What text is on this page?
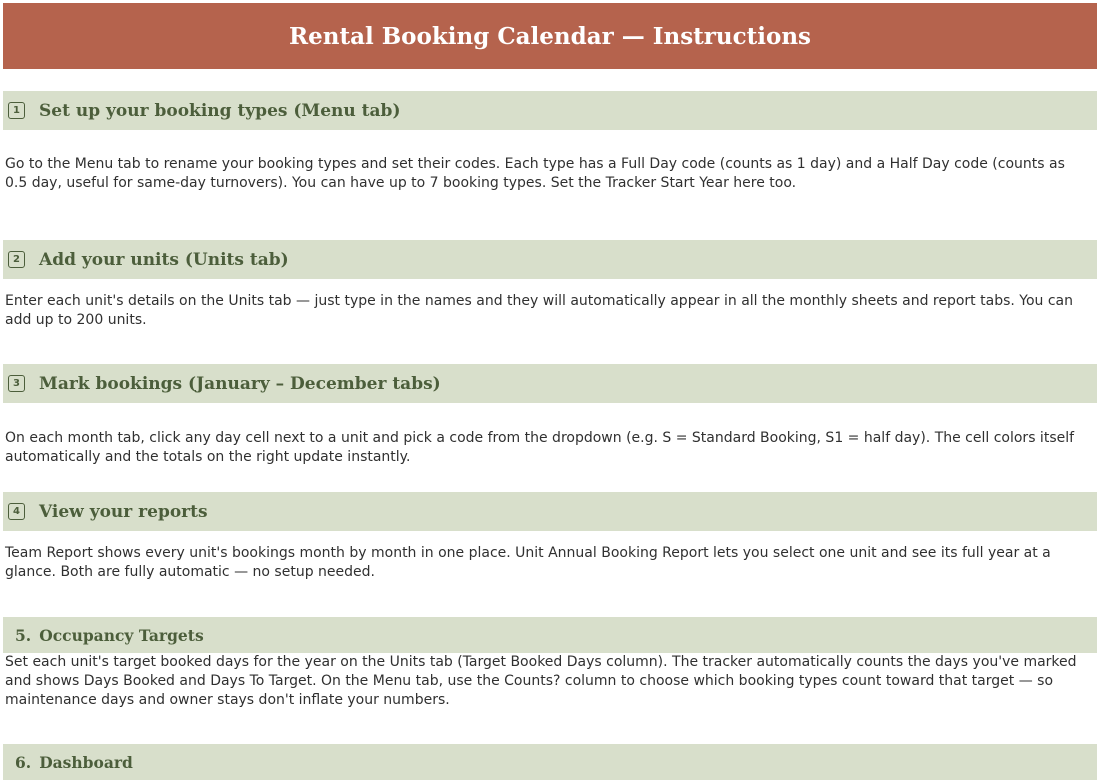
Rental Booking Calendar — Instructions
1 Set up your booking types (Menu tab)
Go to the Menu tab to rename your booking types and set their codes. Each type has a Full Day code (counts as 1 day) and a Half Day code (counts as 0.5 day, useful for same-day turnovers). You can have up to 7 booking types. Set the Tracker Start Year here too.
2 Add your units (Units tab)
Enter each unit's details on the Units tab — just type in the names and they will automatically appear in all the monthly sheets and report tabs. You can add up to 200 units.
3 Mark bookings (January – December tabs)
On each month tab, click any day cell next to a unit and pick a code from the dropdown (e.g. S = Standard Booking, S1 = half day). The cell colors itself automatically and the totals on the right update instantly.
4 View your reports
Team Report shows every unit's bookings month by month in one place. Unit Annual Booking Report lets you select one unit and see its full year at a glance. Both are fully automatic — no setup needed.
5. Occupancy Targets
Set each unit's target booked days for the year on the Units tab (Target Booked Days column). The tracker automatically counts the days you've marked and shows Days Booked and Days To Target. On the Menu tab, use the Counts? column to choose which booking types count toward that target — so maintenance days and owner stays don't inflate your numbers.
6. Dashboard
